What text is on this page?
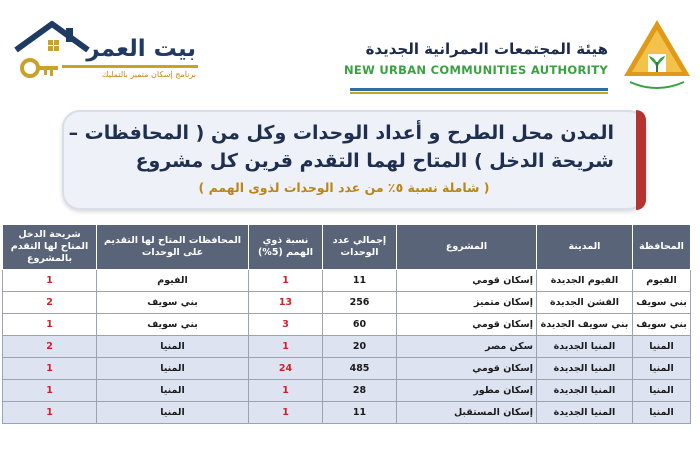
هيئة المجتمعات العمرانية الجديدة
NEW URBAN COMMUNITIES AUTHORITY
بيت العمر
برنامج إسكان متميز بالتمليك
المدن محل الطرح و أعداد الوحدات وكل من ( المحافظات –
شريحة الدخل ) المتاح لهما التقدم قرين كل مشروع
( شاملة نسبة ٥٪ من عدد الوحدات لذوى الهمم )
المحافظة	المدينة	المشروع	إجمالي عدد الوحدات	نسبة ذوي الهمم (5%)	المحافظات المتاح لها التقديم على الوحدات	شريحة الدخل المتاح لها التقدم بالمشروع
الفيوم	الفيوم الجديدة	إسكان قومي	11	1	الفيوم	1
بني سويف	الفشن الجديدة	إسكان متميز	256	13	بني سويف	2
بني سويف	بني سويف الجديدة	إسكان قومي	60	3	بني سويف	1
المنيا	المنيا الجديدة	سكن مصر	20	1	المنيا	2
المنيا	المنيا الجديدة	إسكان قومي	485	24	المنيا	1
المنيا	المنيا الجديدة	إسكان مطور	28	1	المنيا	1
المنيا	المنيا الجديدة	إسكان المستقبل	11	1	المنيا	1
